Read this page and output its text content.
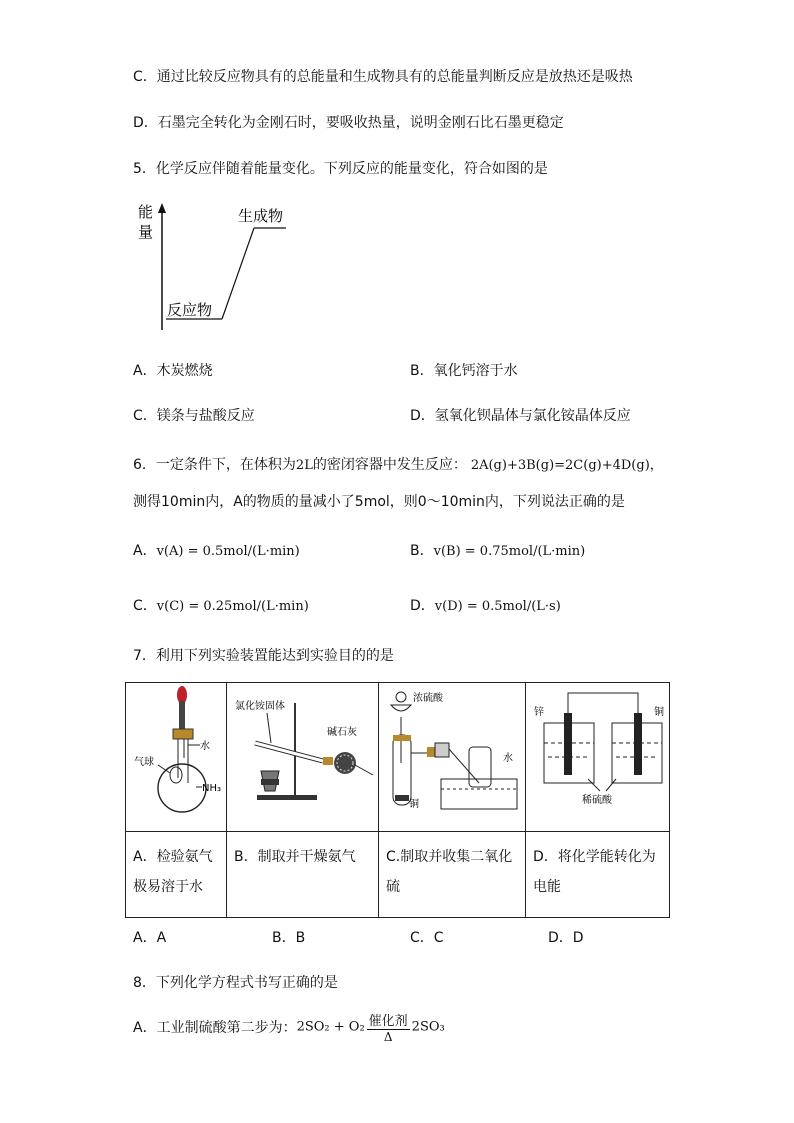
C．通过比较反应物具有的总能量和生成物具有的总能量判断反应是放热还是吸热
D．石墨完全转化为金刚石时，要吸收热量，说明金刚石比石墨更稳定
5．化学反应伴随着能量变化。下列反应的能量变化，符合如图的是
能
量
生成物
反应物
A．木炭燃烧	B．氧化钙溶于水
C．镁条与盐酸反应	D．氢氧化钡晶体与氯化铵晶体反应
6．一定条件下，在体积为2L的密闭容器中发生反应： 2A(g)+3B(g)=2C(g)+4D(g)，
测得10min内，A的物质的量减小了5mol，则0～10min内，下列说法正确的是
A．v(A) = 0.5mol/(L·min)	B．v(B) = 0.75mol/(L·min)
C．v(C) = 0.25mol/(L·min)	D．v(D) = 0.5mol/(L·s)
7．利用下列实验装置能达到实验目的的是
水
气球
NH₃	氯化铵固体
碱石灰	浓硫酸
铜
水	锌 铜
稀硫酸

A．检验氨气极易溶于水	B．制取并干燥氨气	C.制取并收集二氧化硫	D．将化学能转化为电能
A．A	B．B	C．C	D．D
8．下列化学方程式书写正确的是
A．工业制硫酸第二步为：$2SO_2 + O_2 \frac{\text{催化剂}}{\Delta} 2SO_3$
